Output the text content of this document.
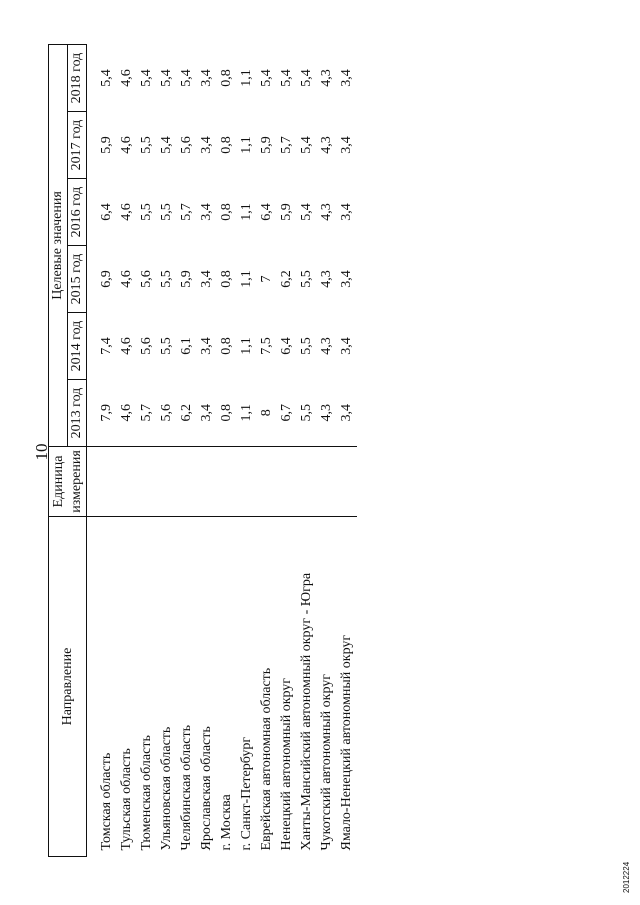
10
2012224
Направление	Единица измерения	Целевые значения					
		2013 год	2014 год	2015 год	2016 год	2017 год	2018 год
Томская область		7,9	7,4	6,9	6,4	5,9	5,4
Тульская область		4,6	4,6	4,6	4,6	4,6	4,6
Тюменская область		5,7	5,6	5,6	5,5	5,5	5,4
Ульяновская область		5,6	5,5	5,5	5,5	5,4	5,4
Челябинская область		6,2	6,1	5,9	5,7	5,6	5,4
Ярославская область		3,4	3,4	3,4	3,4	3,4	3,4
г. Москва		0,8	0,8	0,8	0,8	0,8	0,8
г. Санкт-Петербург		1,1	1,1	1,1	1,1	1,1	1,1
Еврейская автономная область		8	7,5	7	6,4	5,9	5,4
Ненецкий автономный округ		6,7	6,4	6,2	5,9	5,7	5,4
Ханты-Мансийский автономный округ - Югра		5,5	5,5	5,5	5,4	5,4	5,4
Чукотский автономный округ		4,3	4,3	4,3	4,3	4,3	4,3
Ямало-Ненецкий автономный округ		3,4	3,4	3,4	3,4	3,4	3,4
